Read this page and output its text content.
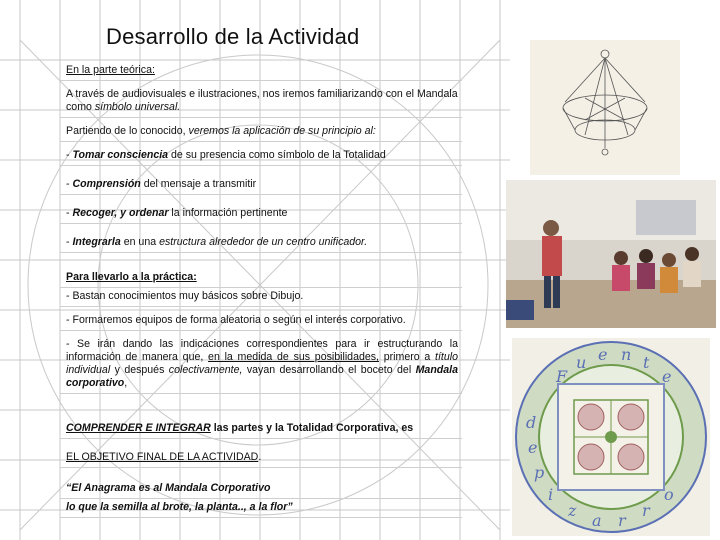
Desarrollo de la Actividad
En la parte teórica:
A través de audiovisuales e ilustraciones, nos iremos familiarizando con el Mandala como símbolo universal.
Partiendo de lo conocido, veremos la aplicación de su principio al:
- Tomar consciencia de su presencia como símbolo de la Totalidad
- Comprensión del mensaje a transmitir
- Recoger, y ordenar la información pertinente
- Integrarla en una estructura alrededor de un centro unificador.
Para llevarlo a la práctica:
- Bastan conocimientos muy básicos sobre Dibujo.
- Formaremos equipos de forma aleatoria o según el interés corporativo.
- Se irán dando las indicaciones correspondientes para ir estructurando la información de manera que, en la medida de sus posibilidades, primero a título individual y después colectivamente, vayan desarrollando el boceto del Mandala corporativo,
COMPRENDER E INTEGRAR las partes y la Totalidad Corporativa, es
EL OBJETIVO FINAL DE LA ACTIVIDAD.
“El Anagrama es al Mandala Corporativo
lo que la semilla al brote, la planta.., a la flor”
F
u e n t
e
d
e
p
i
z
a r
r
o
